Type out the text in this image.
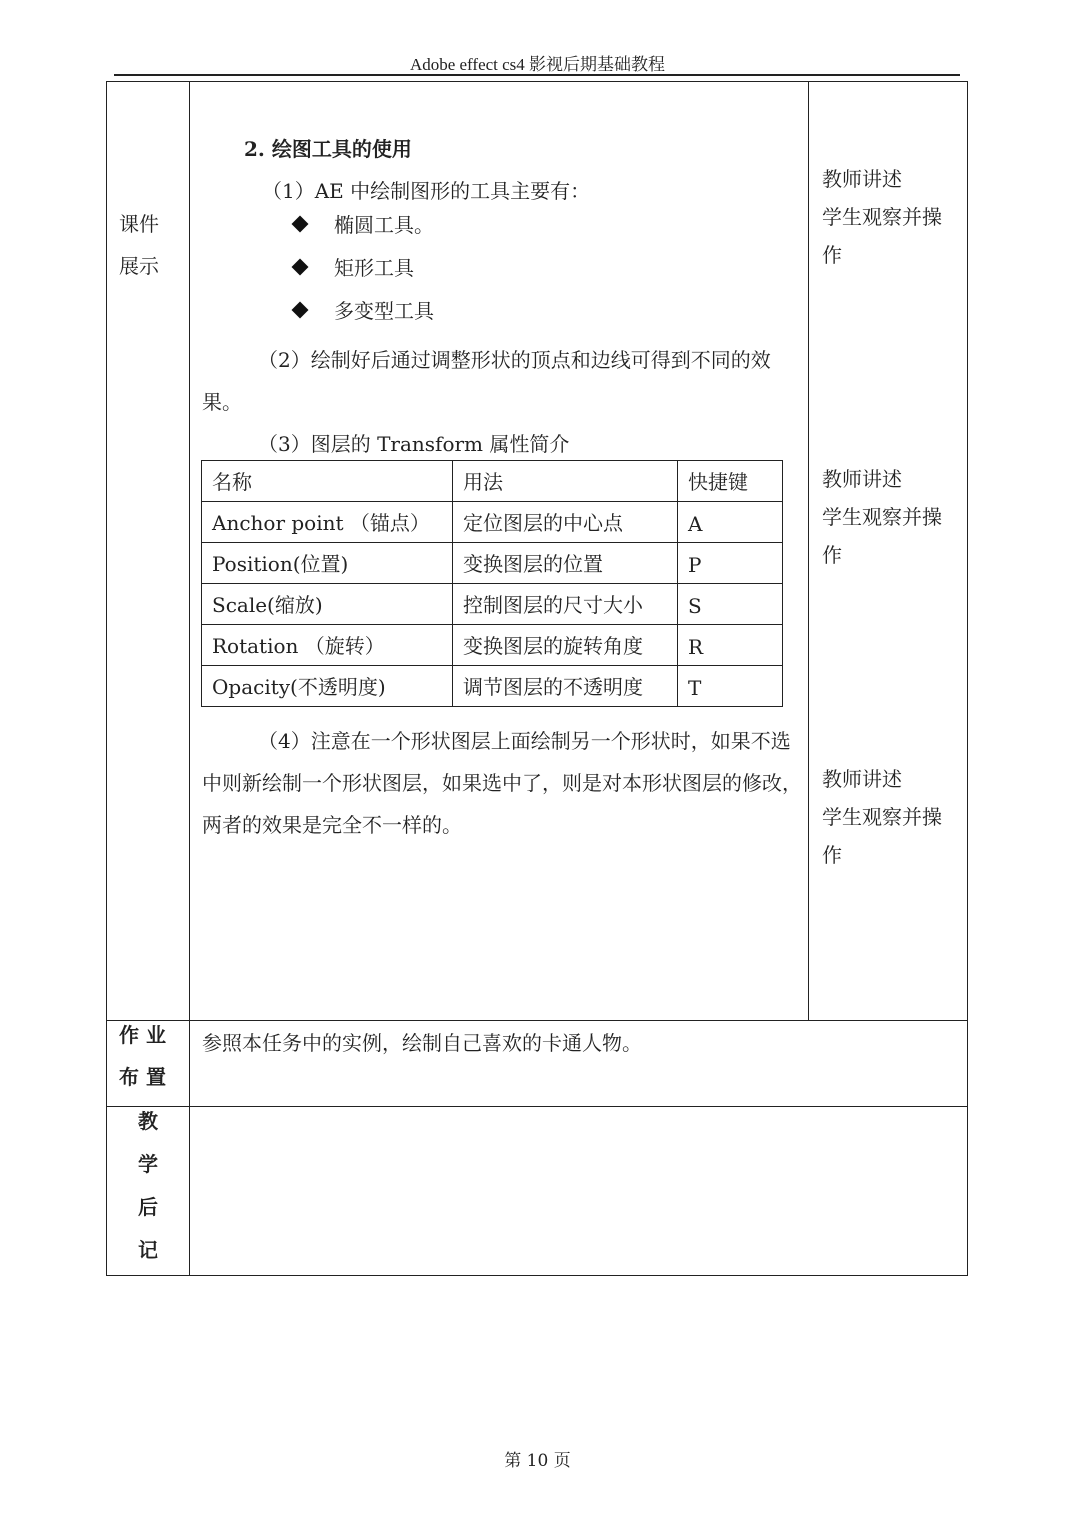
Adobe effect cs4 影视后期基础教程
课件
展示
2. 绘图工具的使用
（1）AE 中绘制图形的工具主要有：
椭圆工具。
矩形工具
多变型工具
（2）绘制好后通过调整形状的顶点和边线可得到不同的效果。
（3）图层的 Transform 属性简介
名称	用法	快捷键
Anchor point （锚点）	定位图层的中心点	A
Position(位置)	变换图层的位置	P
Scale(缩放)	控制图层的尺寸大小	S
Rotation （旋转）	变换图层的旋转角度	R
Opacity(不透明度)	调节图层的不透明度	T
（4）注意在一个形状图层上面绘制另一个形状时，如果不选中则新绘制一个形状图层，如果选中了，则是对本形状图层的修改，两者的效果是完全不一样的。
教师讲述
学生观察并操
作
教师讲述
学生观察并操
作
教师讲述
学生观察并操
作
作 业
布 置
参照本任务中的实例，绘制自己喜欢的卡通人物。
教
学
后
记
第 10 页
